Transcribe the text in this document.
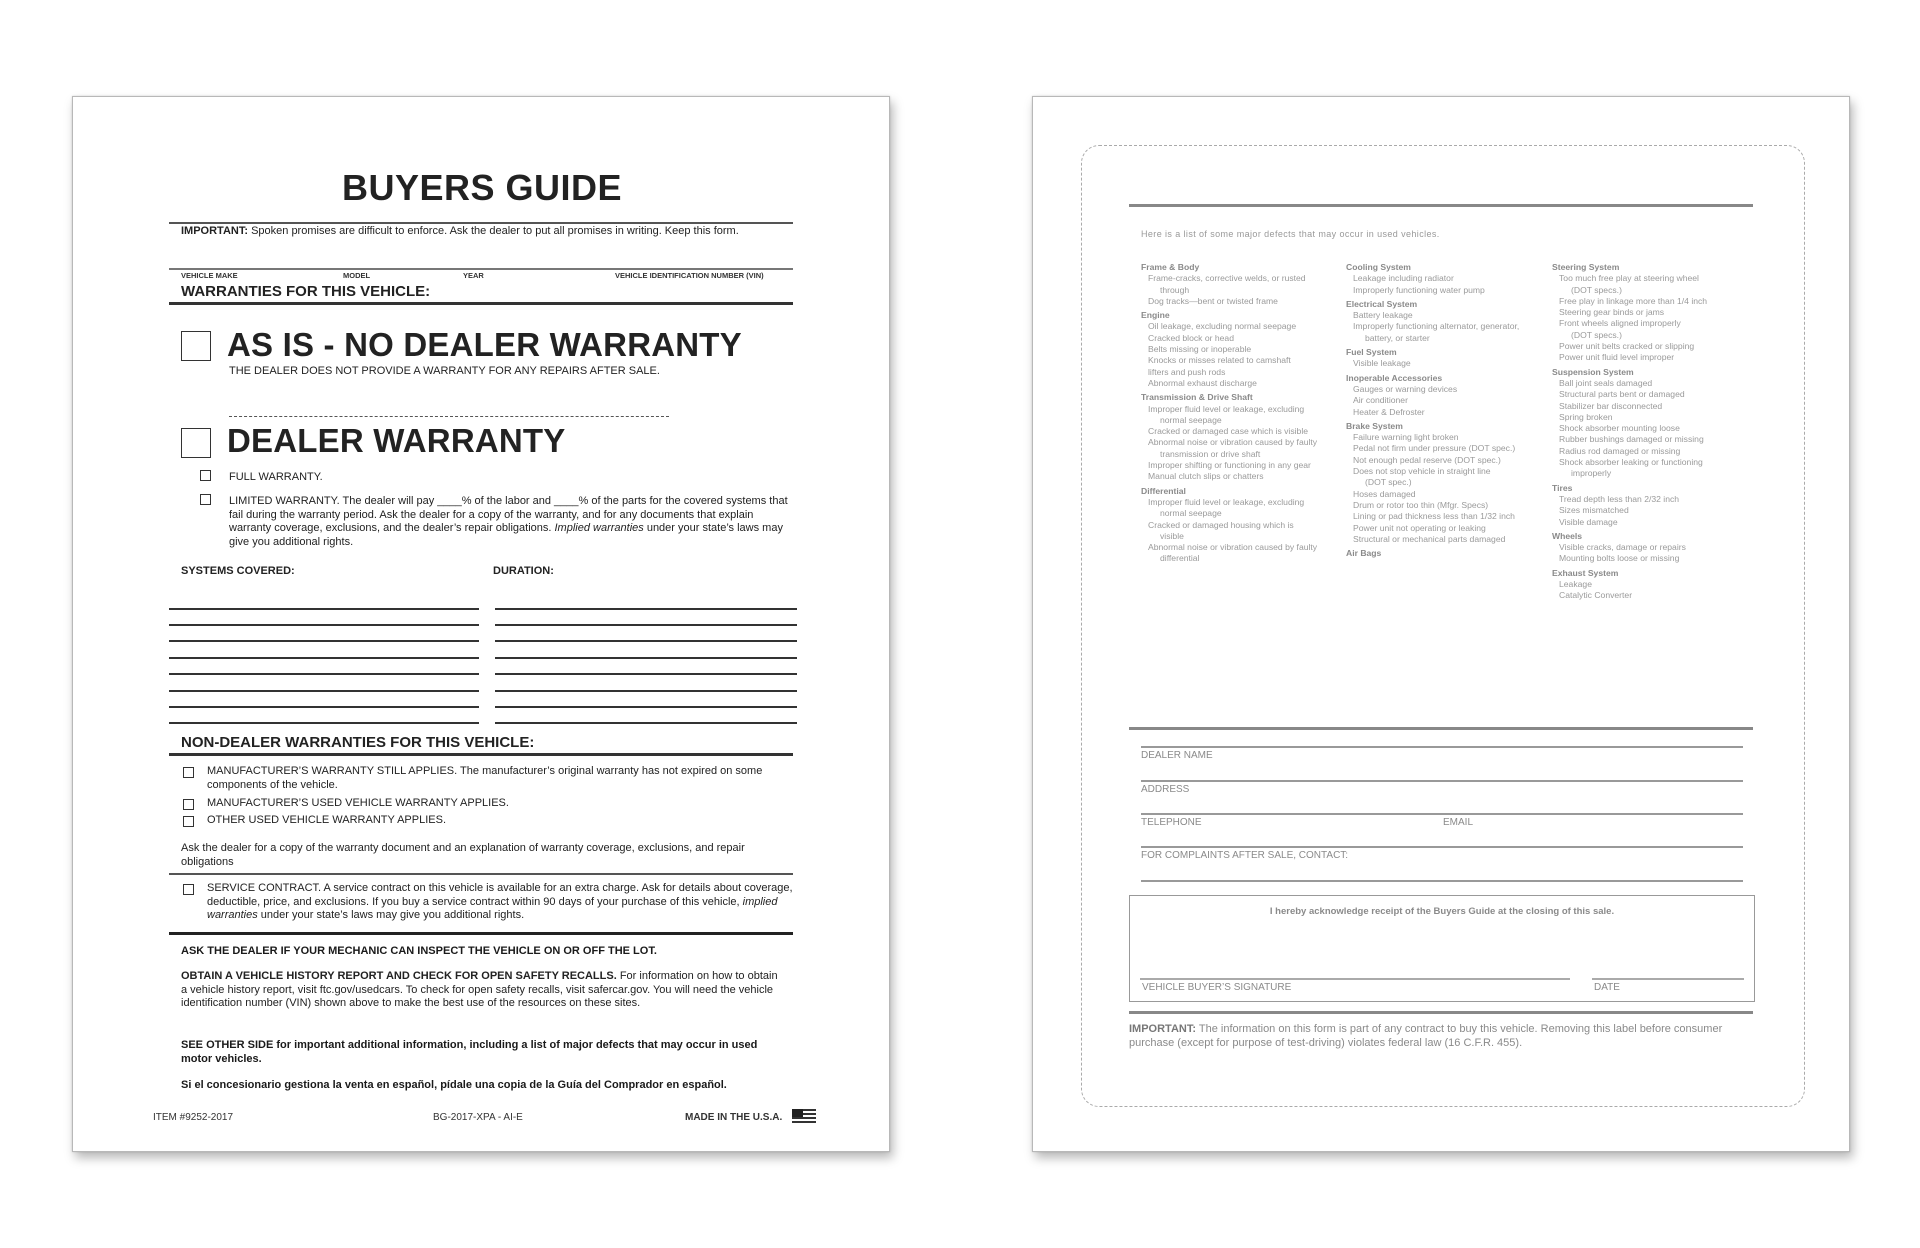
BUYERS GUIDE
IMPORTANT: Spoken promises are difficult to enforce. Ask the dealer to put all promises in writing. Keep this form.
VEHICLE MAKE	MODEL	YEAR	VEHICLE IDENTIFICATION NUMBER (VIN)
WARRANTIES FOR THIS VEHICLE:
AS IS - NO DEALER WARRANTY
THE DEALER DOES NOT PROVIDE A WARRANTY FOR ANY REPAIRS AFTER SALE.
DEALER WARRANTY
FULL WARRANTY.
LIMITED WARRANTY. The dealer will pay ____% of the labor and ____% of the parts for the covered systems that fail during the warranty period. Ask the dealer for a copy of the warranty, and for any documents that explain warranty coverage, exclusions, and the dealer’s repair obligations. Implied warranties under your state’s laws may give you additional rights.
SYSTEMS COVERED:	DURATION:
NON-DEALER WARRANTIES FOR THIS VEHICLE:
MANUFACTURER’S WARRANTY STILL APPLIES. The manufacturer’s original warranty has not expired on some components of the vehicle.
MANUFACTURER’S USED VEHICLE WARRANTY APPLIES.
OTHER USED VEHICLE WARRANTY APPLIES.
Ask the dealer for a copy of the warranty document and an explanation of warranty coverage, exclusions, and repair obligations
SERVICE CONTRACT. A service contract on this vehicle is available for an extra charge. Ask for details about coverage, deductible, price, and exclusions. If you buy a service contract within 90 days of your purchase of this vehicle, implied warranties under your state’s laws may give you additional rights.
ASK THE DEALER IF YOUR MECHANIC CAN INSPECT THE VEHICLE ON OR OFF THE LOT.
OBTAIN A VEHICLE HISTORY REPORT AND CHECK FOR OPEN SAFETY RECALLS. For information on how to obtain a vehicle history report, visit ftc.gov/usedcars. To check for open safety recalls, visit safercar.gov. You will need the vehicle identification number (VIN) shown above to make the best use of the resources on these sites.
SEE OTHER SIDE for important additional information, including a list of major defects that may occur in used motor vehicles.
Si el concesionario gestiona la venta en español, pídale una copia de la Guía del Comprador en español.
ITEM #9252-2017	BG-2017-XPA - AI-E	MADE IN THE U.S.A.
Here is a list of some major defects that may occur in used vehicles.
Frame & Body
Frame-cracks, corrective welds, or rusted
through
Dog tracks—bent or twisted frame
Engine
Oil leakage, excluding normal seepage
Cracked block or head
Belts missing or inoperable
Knocks or misses related to camshaft
lifters and push rods
Abnormal exhaust discharge
Transmission & Drive Shaft
Improper fluid level or leakage, excluding
normal seepage
Cracked or damaged case which is visible
Abnormal noise or vibration caused by faulty
transmission or drive shaft
Improper shifting or functioning in any gear
Manual clutch slips or chatters
Differential
Improper fluid level or leakage, excluding
normal seepage
Cracked or damaged housing which is
visible
Abnormal noise or vibration caused by faulty
differential
Cooling System
Leakage including radiator
Improperly functioning water pump
Electrical System
Battery leakage
Improperly functioning alternator, generator,
battery, or starter
Fuel System
Visible leakage
Inoperable Accessories
Gauges or warning devices
Air conditioner
Heater & Defroster
Brake System
Failure warning light broken
Pedal not firm under pressure (DOT spec.)
Not enough pedal reserve (DOT spec.)
Does not stop vehicle in straight line
(DOT spec.)
Hoses damaged
Drum or rotor too thin (Mfgr. Specs)
Lining or pad thickness less than 1/32 inch
Power unit not operating or leaking
Structural or mechanical parts damaged
Air Bags
Steering System
Too much free play at steering wheel
(DOT specs.)
Free play in linkage more than 1/4 inch
Steering gear binds or jams
Front wheels aligned improperly
(DOT specs.)
Power unit belts cracked or slipping
Power unit fluid level improper
Suspension System
Ball joint seals damaged
Structural parts bent or damaged
Stabilizer bar disconnected
Spring broken
Shock absorber mounting loose
Rubber bushings damaged or missing
Radius rod damaged or missing
Shock absorber leaking or functioning
improperly
Tires
Tread depth less than 2/32 inch
Sizes mismatched
Visible damage
Wheels
Visible cracks, damage or repairs
Mounting bolts loose or missing
Exhaust System
Leakage
Catalytic Converter
DEALER NAME
ADDRESS
TELEPHONE	EMAIL
FOR COMPLAINTS AFTER SALE, CONTACT:
I hereby acknowledge receipt of the Buyers Guide at the closing of this sale.
VEHICLE BUYER’S SIGNATURE	DATE
IMPORTANT: The information on this form is part of any contract to buy this vehicle. Removing this label before consumer purchase (except for purpose of test-driving) violates federal law (16 C.F.R. 455).
